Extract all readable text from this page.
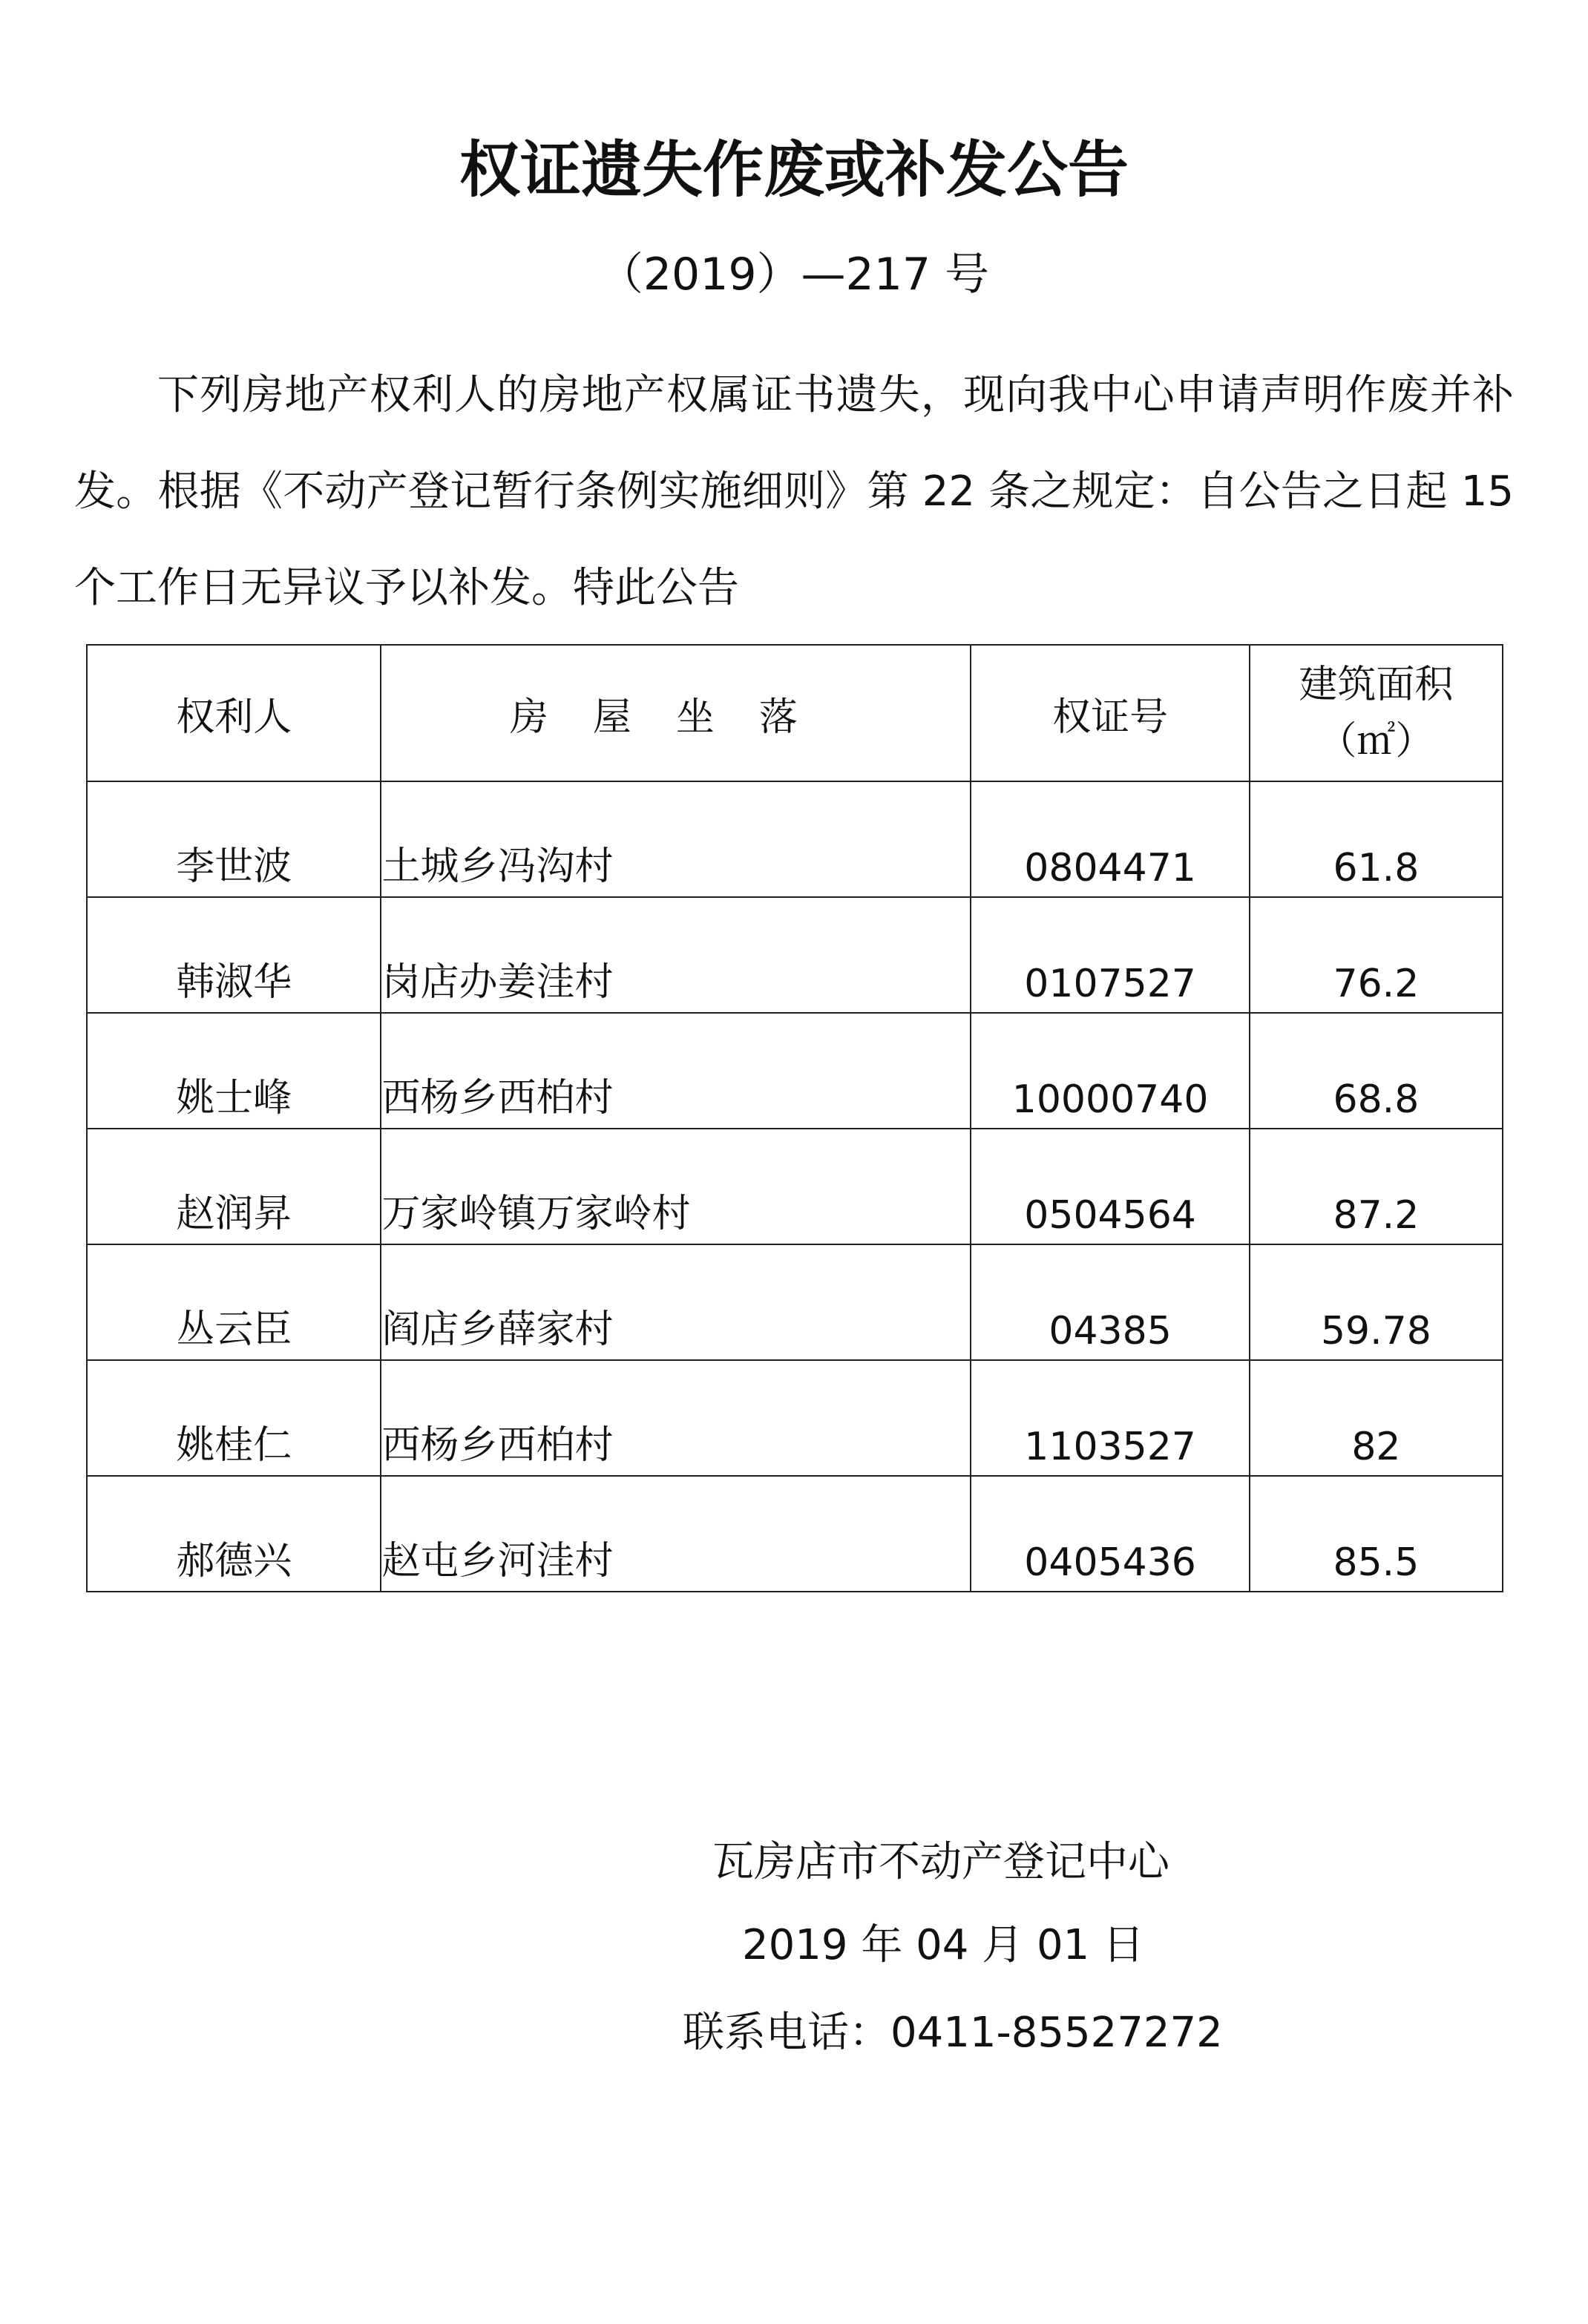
权证遗失作废或补发公告
（2019）—217 号
下列房地产权利人的房地产权属证书遗失，现向我中心申请声明作废并补发。根据《不动产登记暂行条例实施细则》第 22 条之规定：自公告之日起 15 个工作日无异议予以补发。特此公告
权利人	房屋坐落	权证号	建筑面积
（㎡）

李世波	土城乡冯沟村	0804471	61.8
韩淑华	岗店办姜洼村	0107527	76.2
姚士峰	西杨乡西柏村	10000740	68.8
赵润昇	万家岭镇万家岭村	0504564	87.2
丛云臣	阎店乡薛家村	04385	59.78
姚桂仁	西杨乡西柏村	1103527	82
郝德兴	赵屯乡河洼村	0405436	85.5
瓦房店市不动产登记中心
2019 年 04 月 01 日
联系电话：0411-85527272
